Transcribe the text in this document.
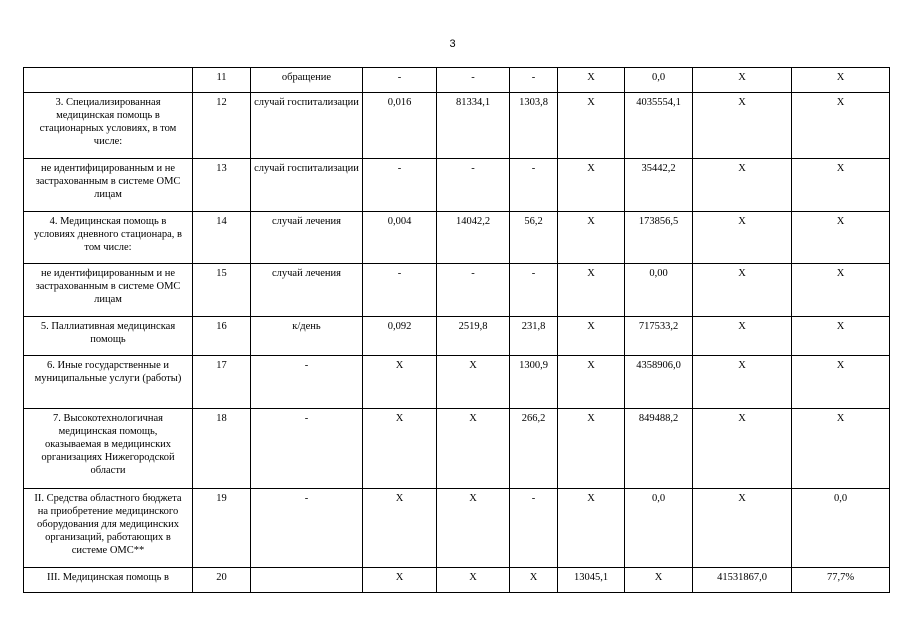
3
	11	обращение	-	-	-	X	0,0	X	X
3. Специализированная медицинская помощь в стационарных условиях, в том числе:	12	случай госпитализации	0,016	81334,1	1303,8	X	4035554,1	X	X
не идентифицированным и не застрахованным в системе ОМС лицам	13	случай госпитализации	-	-	-	X	35442,2	X	X
4. Медицинская помощь в условиях дневного стационара, в том числе:	14	случай лечения	0,004	14042,2	56,2	X	173856,5	X	X
не идентифицированным и не застрахованным в системе ОМС лицам	15	случай лечения	-	-	-	X	0,00	X	X
5. Паллиативная медицинская помощь	16	к/день	0,092	2519,8	231,8	X	717533,2	X	X
6. Иные государственные и муниципальные услуги (работы)	17	-	X	X	1300,9	X	4358906,0	X	X
7. Высокотехнологичная медицинская помощь, оказываемая в медицинских организациях Нижегородской области	18	-	X	X	266,2	X	849488,2	X	X
II. Средства областного бюджета на приобретение медицинского оборудования для медицинских организаций, работающих в системе ОМС**	19	-	X	X	-	X	0,0	X	0,0
III. Медицинская помощь в	20		X	X	X	13045,1	X	41531867,0	77,7%
